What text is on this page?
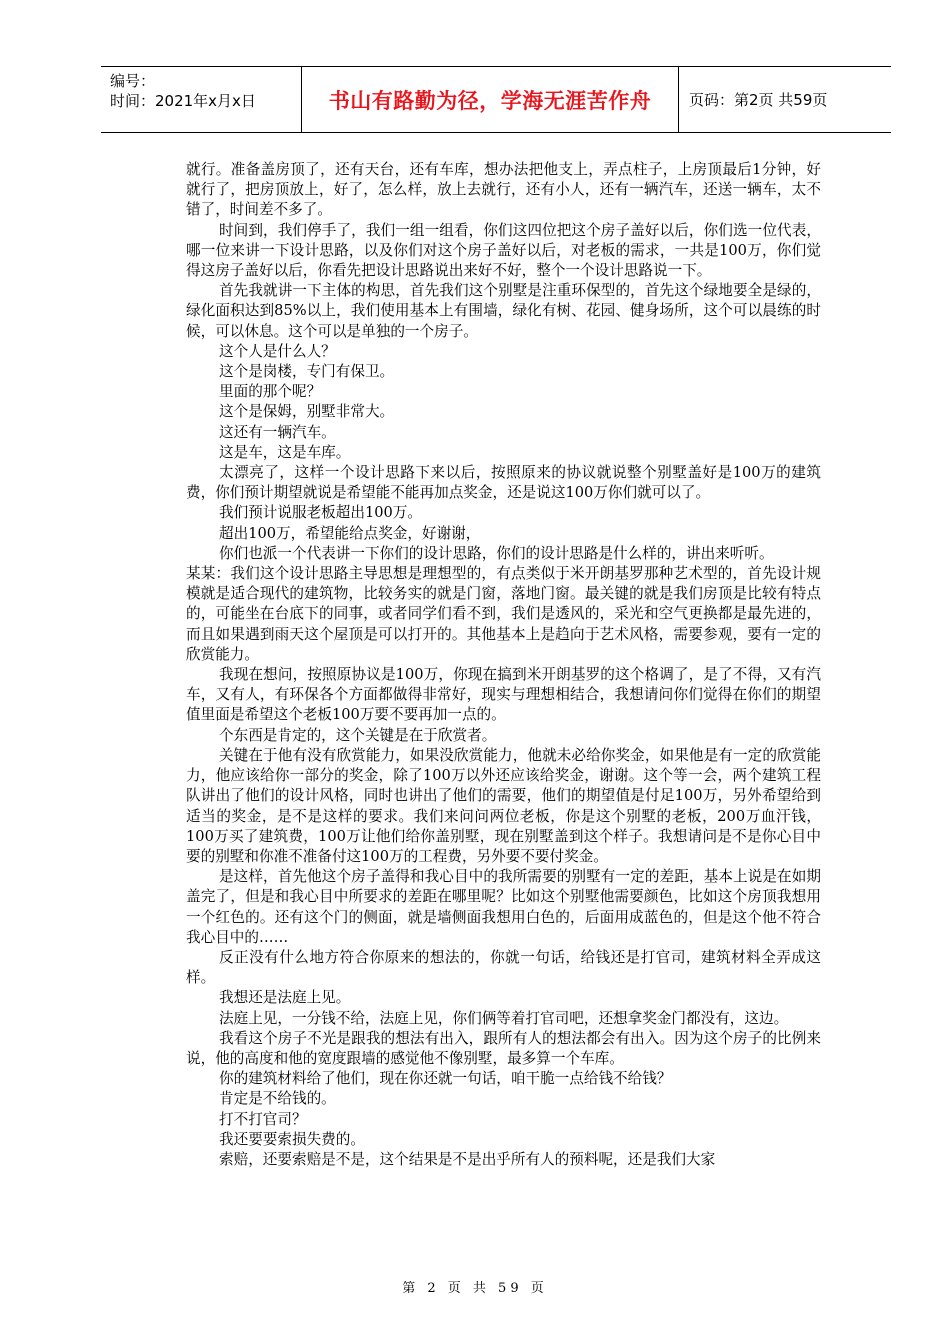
编号：
时间：2021年x月x日	书山有路勤为径，学海无涯苦作舟	页码：第2页 共59页

就行。准备盖房顶了，还有天台，还有车库，想办法把他支上，弄点柱子，上房顶最后1分钟，好就行了，把房顶放上，好了，怎么样，放上去就行，还有小人，还有一辆汽车，还送一辆车，太不错了，时间差不多了。

时间到，我们停手了，我们一组一组看，你们这四位把这个房子盖好以后，你们选一位代表，哪一位来讲一下设计思路，以及你们对这个房子盖好以后，对老板的需求，一共是100万，你们觉得这房子盖好以后，你看先把设计思路说出来好不好，整个一个设计思路说一下。

首先我就讲一下主体的构思，首先我们这个别墅是注重环保型的，首先这个绿地要全是绿的，绿化面积达到85%以上，我们使用基本上有围墙，绿化有树、花园、健身场所，这个可以晨练的时候，可以休息。这个可以是单独的一个房子。

这个人是什么人？

这个是岗楼，专门有保卫。

里面的那个呢？

这个是保姆，别墅非常大。

这还有一辆汽车。

这是车，这是车库。

太漂亮了，这样一个设计思路下来以后，按照原来的协议就说整个别墅盖好是100万的建筑费，你们预计期望就说是希望能不能再加点奖金，还是说这100万你们就可以了。

我们预计说服老板超出100万。

超出100万，希望能给点奖金，好谢谢，

你们也派一个代表讲一下你们的设计思路，你们的设计思路是什么样的，讲出来听听。

某某：我们这个设计思路主导思想是理想型的，有点类似于米开朗基罗那种艺术型的，首先设计规模就是适合现代的建筑物，比较务实的就是门窗，落地门窗。最关键的就是我们房顶是比较有特点的，可能坐在台底下的同事，或者同学们看不到，我们是透风的，采光和空气更换都是最先进的，而且如果遇到雨天这个屋顶是可以打开的。其他基本上是趋向于艺术风格，需要参观，要有一定的欣赏能力。

我现在想问，按照原协议是100万，你现在搞到米开朗基罗的这个格调了，是了不得，又有汽车，又有人，有环保各个方面都做得非常好，现实与理想相结合，我想请问你们觉得在你们的期望值里面是希望这个老板100万要不要再加一点的。

个东西是肯定的，这个关键是在于欣赏者。

关键在于他有没有欣赏能力，如果没欣赏能力，他就未必给你奖金，如果他是有一定的欣赏能力，他应该给你一部分的奖金，除了100万以外还应该给奖金，谢谢。这个等一会，两个建筑工程队讲出了他们的设计风格，同时也讲出了他们的需要，他们的期望值是付足100万，另外希望给到适当的奖金，是不是这样的要求。我们来问问两位老板，你是这个别墅的老板，200万血汗钱，100万买了建筑费，100万让他们给你盖别墅，现在别墅盖到这个样子。我想请问是不是你心目中要的别墅和你准不准备付这100万的工程费，另外要不要付奖金。

是这样，首先他这个房子盖得和我心目中的我所需要的别墅有一定的差距，基本上说是在如期盖完了，但是和我心目中所要求的差距在哪里呢？比如这个别墅他需要颜色，比如这个房顶我想用一个红色的。还有这个门的侧面，就是墙侧面我想用白色的，后面用成蓝色的，但是这个他不符合我心目中的……

反正没有什么地方符合你原来的想法的，你就一句话，给钱还是打官司，建筑材料全弄成这样。

我想还是法庭上见。

法庭上见，一分钱不给，法庭上见，你们俩等着打官司吧，还想拿奖金门都没有，这边。

我看这个房子不光是跟我的想法有出入，跟所有人的想法都会有出入。因为这个房子的比例来说，他的高度和他的宽度跟墙的感觉他不像别墅，最多算一个车库。

你的建筑材料给了他们，现在你还就一句话，咱干脆一点给钱不给钱？

肯定是不给钱的。

打不打官司？

我还要要索损失费的。

索赔，还要索赔是不是，这个结果是不是出乎所有人的预料呢，还是我们大家

第 2 页 共 59 页
